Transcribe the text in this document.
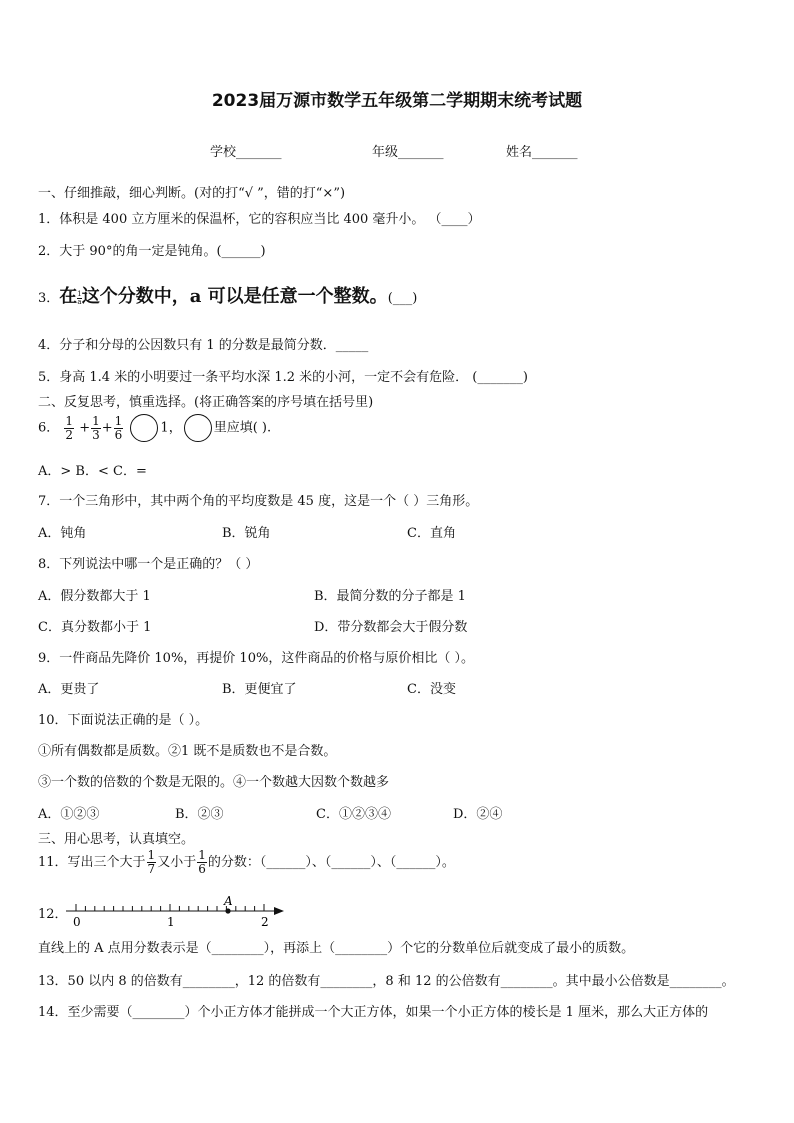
2023届万源市数学五年级第二学期期末统考试题
学校_______	年级_______	姓名_______
一、仔细推敲，细心判断。(对的打“√ ”，错的打“×”)
1．体积是 400 立方厘米的保温杯，它的容积应当比 400 毫升小。 （____）
2．大于 90°的角一定是钝角。(______)
3．在 $\frac{1}{a}$这个分数中，a 可以是任意一个整数。(___)
4．分子和分母的公因数只有 1 的分数是最简分数．_____
5．身高 1.4 米的小明要过一条平均水深 1.2 米的小河，一定不会有危险． (_______)
二、反复思考，慎重选择。(将正确答案的序号填在括号里)
6． $\frac{1}{2} + \frac{1}{3} + \frac{1}{6}$	1， 里应填( ).
A．> B．< C．=
7．一个三角形中，其中两个角的平均度数是 45 度，这是一个（ ）三角形。
A．钝角	B．锐角	C．直角
8．下列说法中哪一个是正确的？（ ）
A．假分数都大于 1	B．最简分数的分子都是 1
C．真分数都小于 1	D．带分数都会大于假分数
9．一件商品先降价 10%，再提价 10%，这件商品的价格与原价相比（ ）。
A．更贵了	B．更便宜了	C．没变
10．下面说法正确的是（ ）。
①所有偶数都是质数。②1 既不是质数也不是合数。
③一个数的倍数的个数是无限的。④一个数越大因数个数越多
A．①②③	B．②③	C．①②③④	D．②④
三、用心思考，认真填空。
11．写出三个大于 $\frac{1}{7}$ 又小于 $\frac{1}{6}$ 的分数：（______）、（______）、（______）。
12．
A
0	1	2
直线上的 A 点用分数表示是（________），再添上（________）个它的分数单位后就变成了最小的质数。
13．50 以内 8 的倍数有________，12 的倍数有________，8 和 12 的公倍数有________。其中最小公倍数是________。
14．至少需要（________）个小正方体才能拼成一个大正方体，如果一个小正方体的棱长是 1 厘米，那么大正方体的
